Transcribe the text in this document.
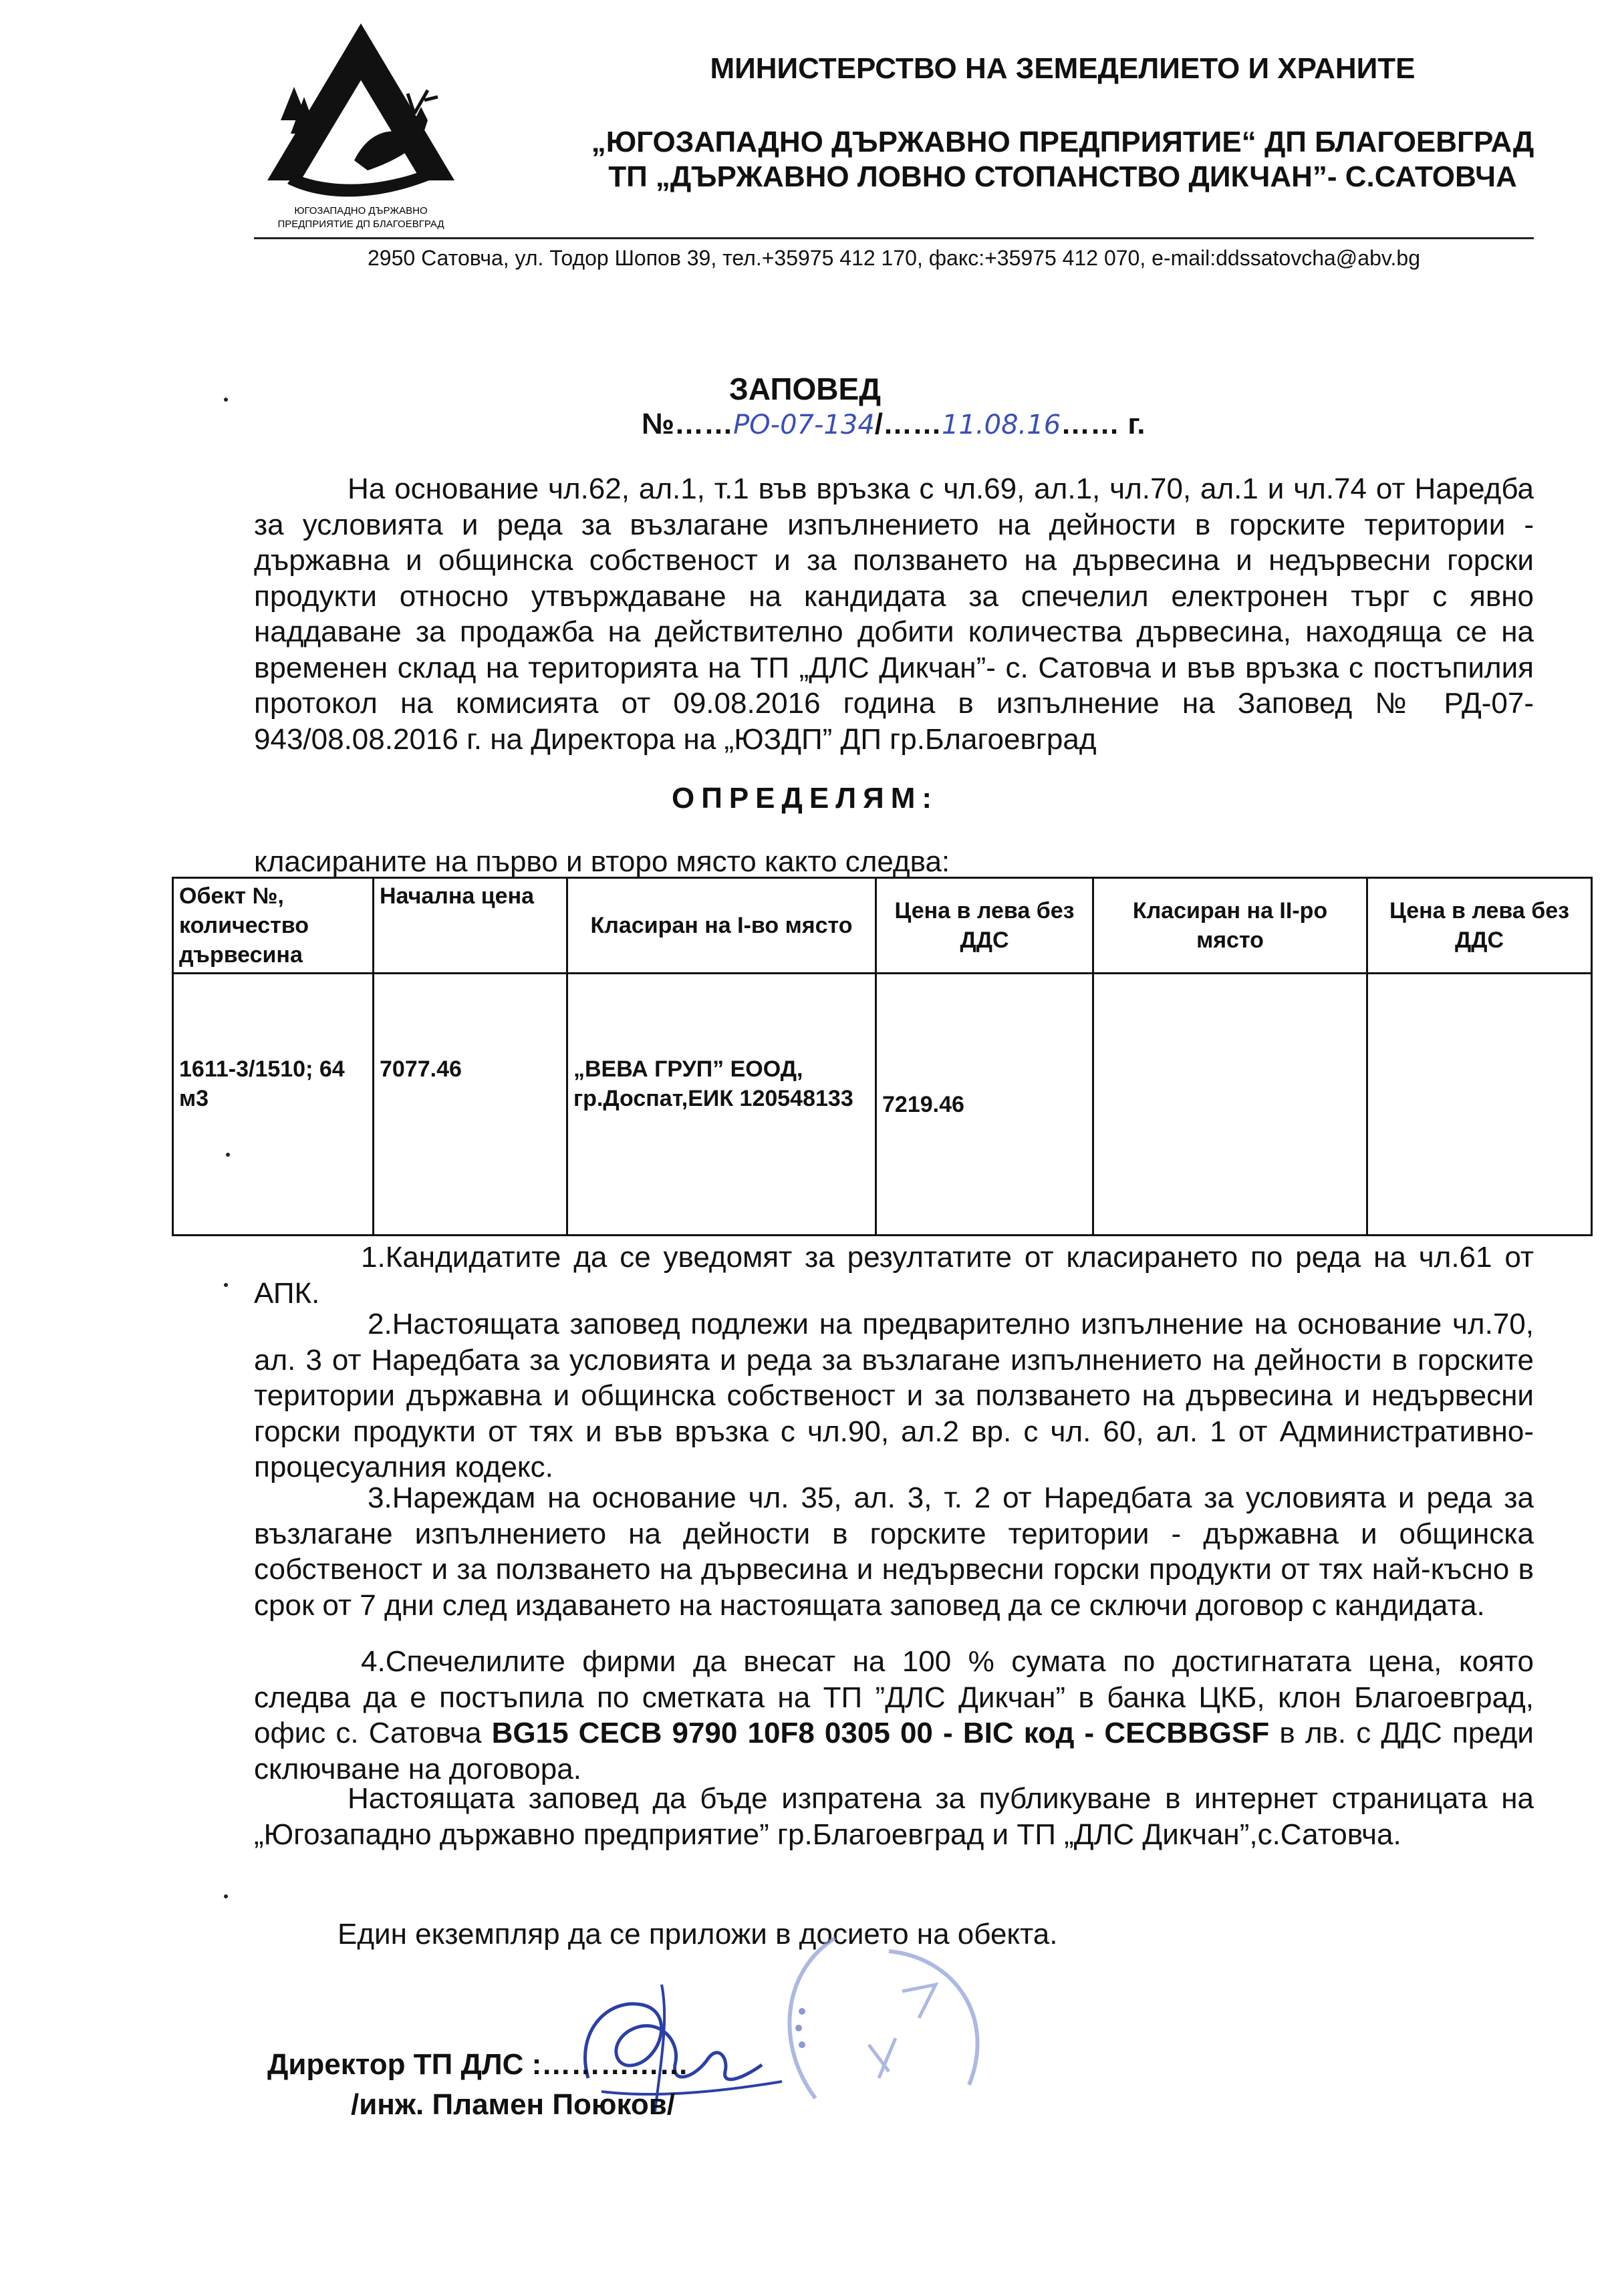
ЮГОЗАПАДНО ДЪРЖАВНО
ПРЕДПРИЯТИЕ ДП БЛАГОЕВГРАД
МИНИСТЕРСТВО НА ЗЕМЕДЕЛИЕТО И ХРАНИТЕ
„ЮГОЗАПАДНО ДЪРЖАВНО ПРЕДПРИЯТИЕ“ ДП БЛАГОЕВГРАД
ТП „ДЪРЖАВНО ЛОВНО СТОПАНСТВО ДИКЧАН”- С.САТОВЧА
2950 Сатовча, ул. Тодор Шопов 39, тел.+35975 412 170, факс:+35975 412 070, e-mail:ddssatovcha@abv.bg
ЗАПОВЕД
№……РО-07-134/……11.08.16…… г.
На основание чл.62, ал.1, т.1 във връзка с чл.69, ал.1, чл.70, ал.1 и чл.74 от Наредба за условията и реда за възлагане изпълнението на дейности в горските територии - държавна и общинска собственост и за ползването на дървесина и недървесни горски продукти относно утвърждаване на кандидата за спечелил електронен търг с явно наддаване за продажба на действително добити количества дървесина, находяща се на временен склад на територията на ТП „ДЛС Дикчан”- с. Сатовча и във връзка с постъпилия протокол на комисията от 09.08.2016 година в изпълнение на Заповед № РД-07-943/08.08.2016 г. на Директора на „ЮЗДП” ДП гр.Благоевград
ОПРЕДЕЛЯМ:
класираните на първо и второ място както следва:
Обект №, количество дървесина	Начална цена	Класиран на I-во място	Цена в лева без ДДС	Класиран на II-ро място	Цена в лева без ДДС
1611-3/1510; 64 м3	7077.46	„ВЕВА ГРУП” ЕООД, гр.Доспат,ЕИК 120548133	7219.46		
1.Кандидатите да се уведомят за резултатите от класирането по реда на чл.61 от АПК.
2.Настоящата заповед подлежи на предварително изпълнение на основание чл.70, ал. 3 от Наредбата за условията и реда за възлагане изпълнението на дейности в горските територии държавна и общинска собственост и за ползването на дървесина и недървесни горски продукти от тях и във връзка с чл.90, ал.2 вр. с чл. 60, ал. 1 от Административно-процесуалния кодекс.
3.Нареждам на основание чл. 35, ал. 3, т. 2 от Наредбата за условията и реда за възлагане изпълнението на дейности в горските територии - държавна и общинска собственост и за ползването на дървесина и недървесни горски продукти от тях най-късно в срок от 7 дни след издаването на настоящата заповед да се сключи договор с кандидата.
4.Спечелилите фирми да внесат на 100 % сумата по достигнатата цена, която следва да е постъпила по сметката на ТП ”ДЛС Дикчан” в банка ЦКБ, клон Благоевград, офис с. Сатовча BG15 CECB 9790 10F8 0305 00 - BIC код - CECBBGSF в лв. с ДДС преди сключване на договора.
Настоящата заповед да бъде изпратена за публикуване в интернет страницата на „Югозападно държавно предприятие” гр.Благоевград и ТП „ДЛС Дикчан”,с.Сатовча.
Един екземпляр да се приложи в досието на обекта.
Директор ТП ДЛС :……………
/инж. Пламен Поюков/
